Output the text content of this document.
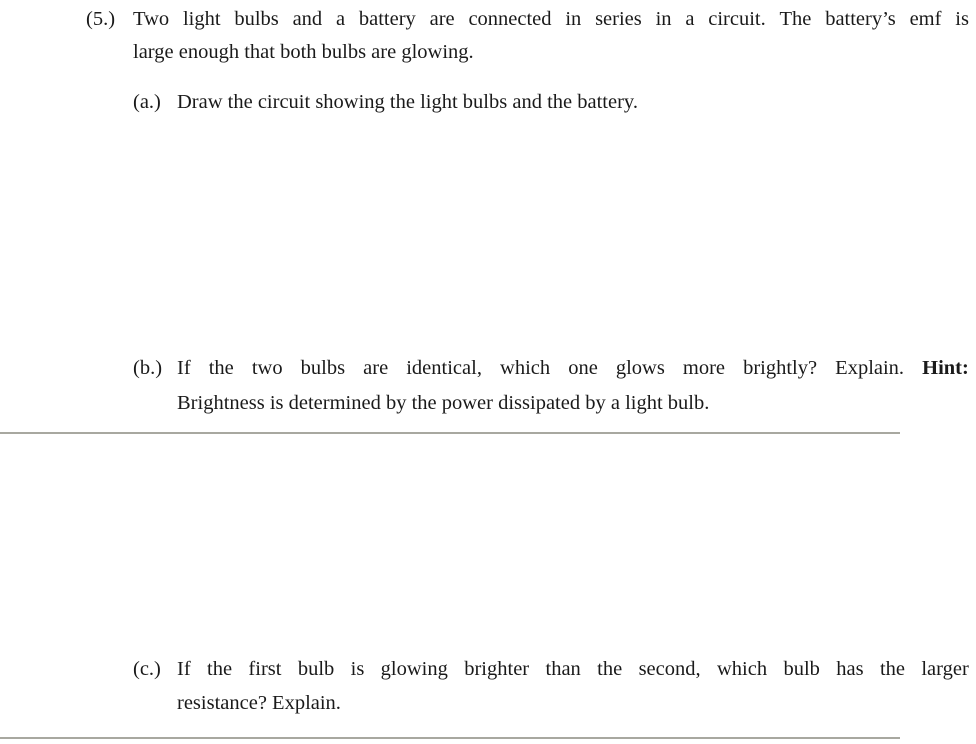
(5.) Two light bulbs and a battery are connected in series in a circuit. The battery’s emf is
large enough that both bulbs are glowing.
(a.) Draw the circuit showing the light bulbs and the battery.
(b.) If the two bulbs are identical, which one glows more brightly? Explain. Hint:
Brightness is determined by the power dissipated by a light bulb.
(c.) If the first bulb is glowing brighter than the second, which bulb has the larger
resistance? Explain.
